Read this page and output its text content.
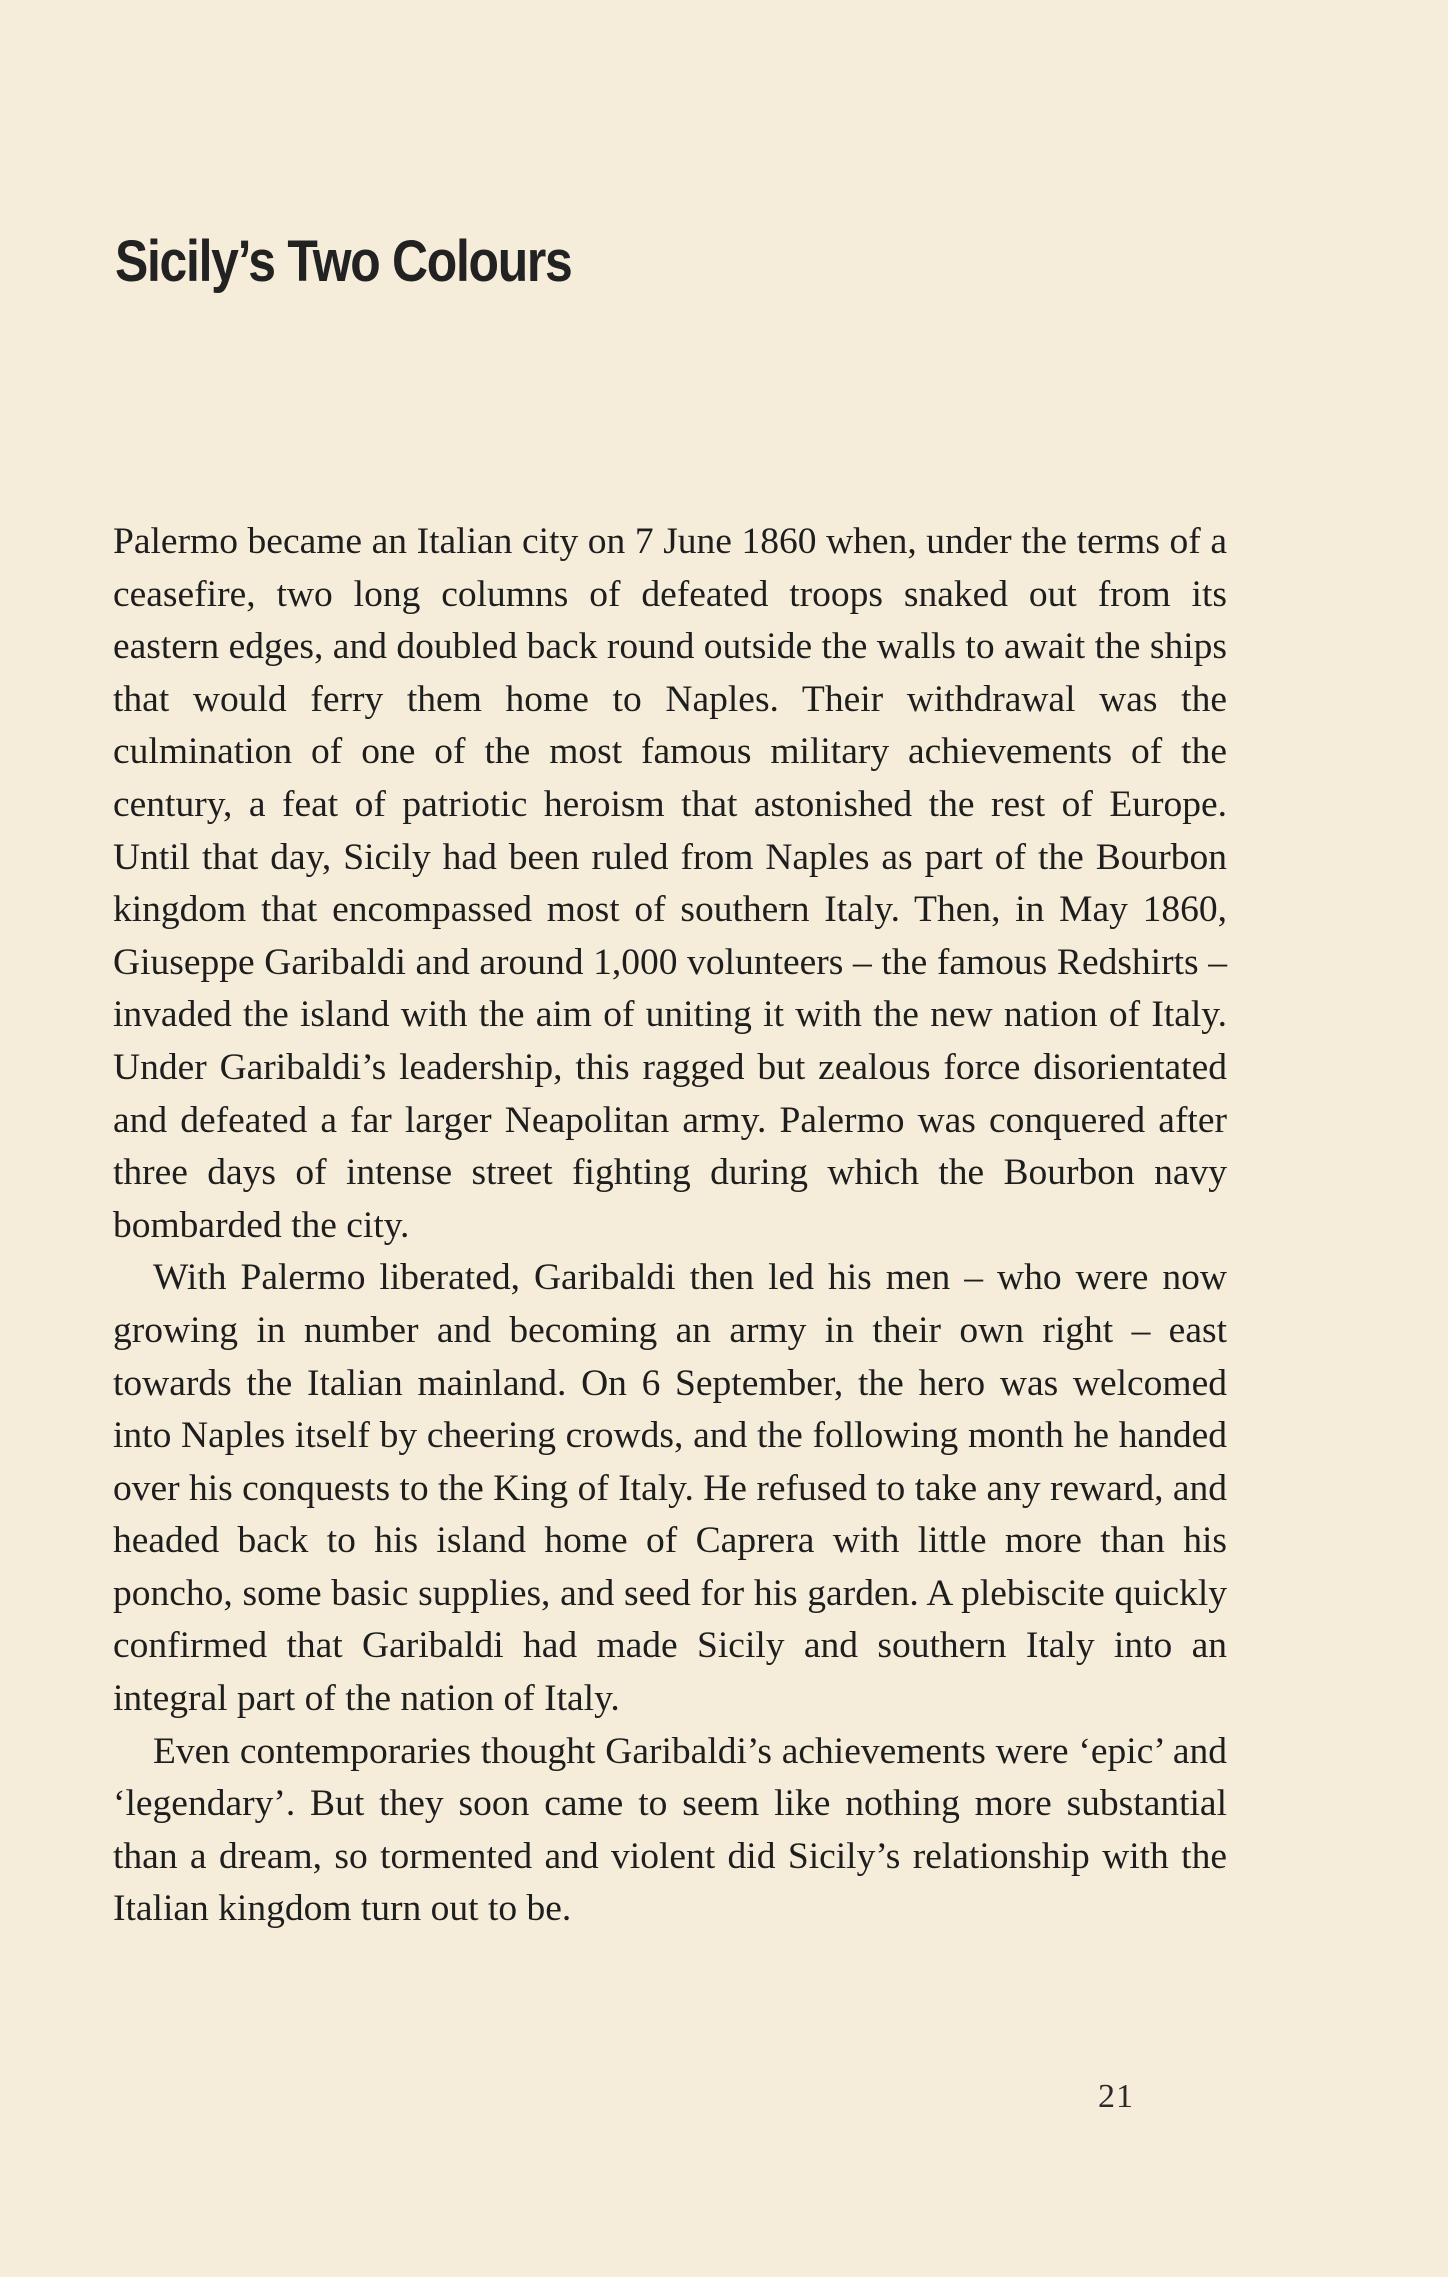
Sicily’s Two Colours

Palermo became an Italian city on 7 June 1860 when, under the terms of a ceasefire, two long columns of defeated troops snaked out from its eastern edges, and doubled back round outside the walls to await the ships that would ferry them home to Naples. Their withdrawal was the culmination of one of the most famous military achievements of the century, a feat of patriotic heroism that astonished the rest of Europe. Until that day, Sicily had been ruled from Naples as part of the Bourbon kingdom that encompassed most of southern Italy. Then, in May 1860, Giuseppe Garibaldi and around 1,000 volunteers – the famous Redshirts – invaded the island with the aim of uniting it with the new nation of Italy. Under Garibaldi’s leadership, this ragged but zealous force disorientated and defeated a far larger Neapolitan army. Palermo was conquered after three days of intense street fighting during which the Bourbon navy bombarded the city.

With Palermo liberated, Garibaldi then led his men – who were now growing in number and becoming an army in their own right – east towards the Italian mainland. On 6 September, the hero was welcomed into Naples itself by cheering crowds, and the following month he handed over his conquests to the King of Italy. He refused to take any reward, and headed back to his island home of Caprera with little more than his poncho, some basic supplies, and seed for his garden. A plebiscite quickly confirmed that Garibaldi had made Sicily and southern Italy into an integral part of the nation of Italy.

Even contemporaries thought Garibaldi’s achievements were ‘epic’ and ‘legendary’. But they soon came to seem like nothing more substantial than a dream, so tormented and violent did Sicily’s relationship with the Italian kingdom turn out to be.

21
